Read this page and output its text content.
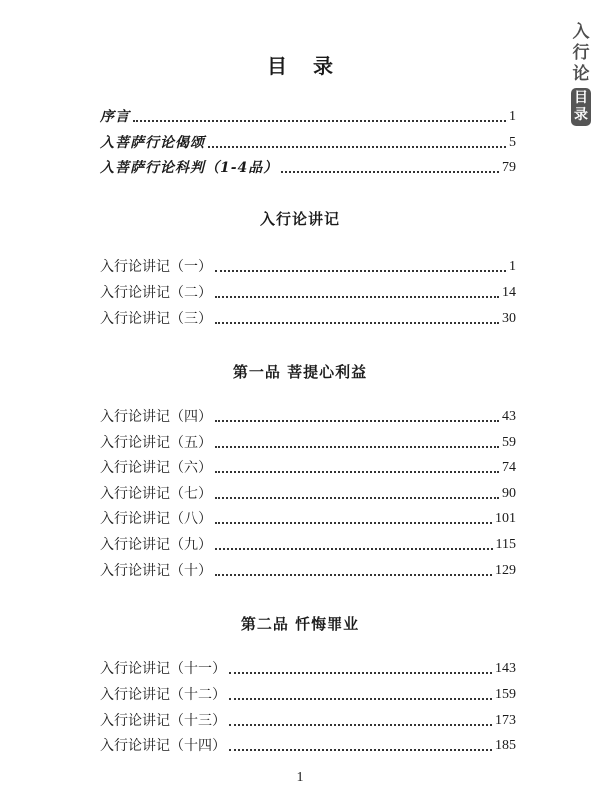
入
行
论
目
录
目录
序言	1
入菩萨行论偈颂	5
入菩萨行论科判（1-4品）	79
入行论讲记
入行论讲记（一）	1
入行论讲记（二）	14
入行论讲记（三）	30
第一品 菩提心利益
入行论讲记（四）	43
入行论讲记（五）	59
入行论讲记（六）	74
入行论讲记（七）	90
入行论讲记（八）	101
入行论讲记（九）	115
入行论讲记（十）	129
第二品 忏悔罪业
入行论讲记（十一）	143
入行论讲记（十二）	159
入行论讲记（十三）	173
入行论讲记（十四）	185
1
